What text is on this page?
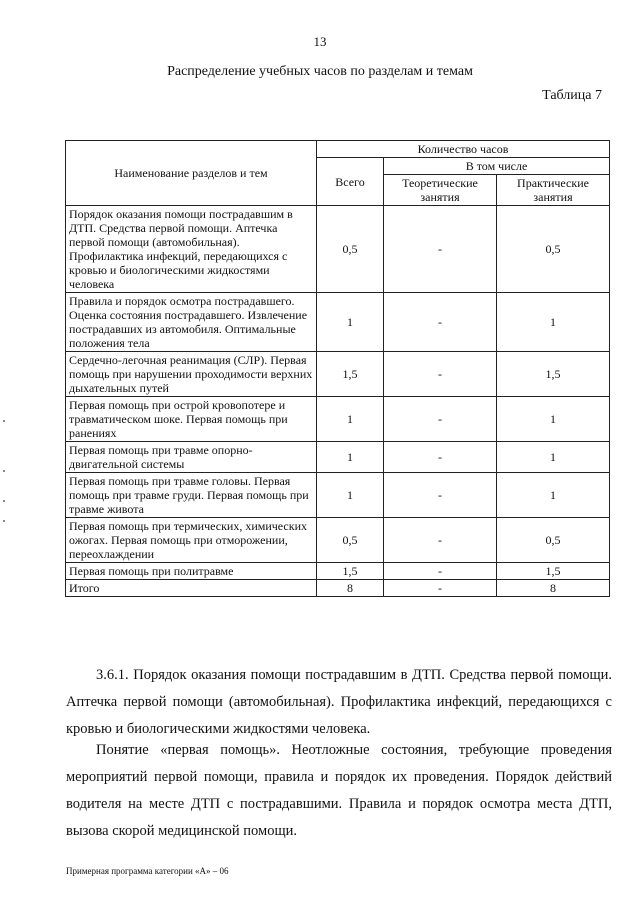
13
Распределение учебных часов по разделам и темам
Таблица 7
Наименование разделов и тем	Количество часов		
	Всего	В том числе	
		Теоретические занятия	Практические занятия
Порядок оказания помощи пострадавшим в ДТП. Средства первой помощи. Аптечка первой помощи (автомобильная). Профилактика инфекций, передающихся с кровью и биологическими жидкостями человека	0,5	-	0,5
Правила и порядок осмотра пострадавшего. Оценка состояния пострадавшего. Извлечение пострадавших из автомобиля. Оптимальные положения тела	1	-	1
Сердечно-легочная реанимация (СЛР). Первая помощь при нарушении проходимости верхних дыхательных путей	1,5	-	1,5
Первая помощь при острой кровопотере и травматическом шоке. Первая помощь при ранениях	1	-	1
Первая помощь при травме опорно-двигательной системы	1	-	1
Первая помощь при травме головы. Первая помощь при травме груди. Первая помощь при травме живота	1	-	1
Первая помощь при термических, химических ожогах. Первая помощь при отморожении, переохлаждении	0,5	-	0,5
Первая помощь при политравме	1,5	-	1,5
Итого	8	-	8
3.6.1. Порядок оказания помощи пострадавшим в ДТП. Средства первой помощи. Аптечка первой помощи (автомобильная). Профилактика инфекций, передающихся с кровью и биологическими жидкостями человека.
Понятие «первая помощь». Неотложные состояния, требующие проведения мероприятий первой помощи, правила и порядок их проведения. Порядок действий водителя на месте ДТП с пострадавшими. Правила и порядок осмотра места ДТП, вызова скорой медицинской помощи.
Примерная программа категории «А» – 06
